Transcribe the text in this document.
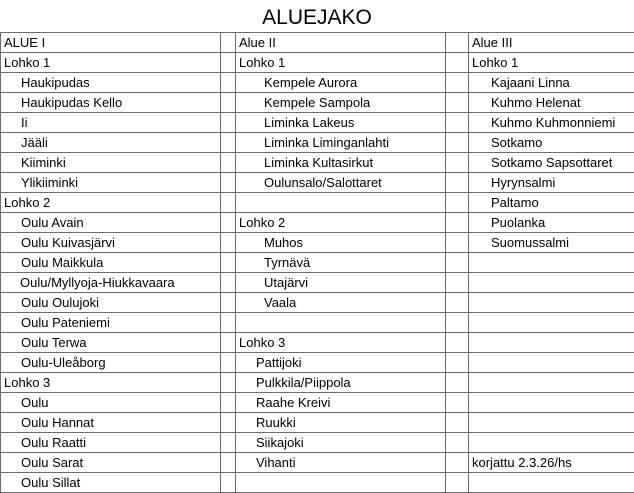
ALUEJAKO
ALUE I		Alue II		Alue III
Lohko 1		Lohko 1		Lohko 1
Haukipudas		Kempele Aurora		Kajaani Linna
Haukipudas Kello		Kempele Sampola		Kuhmo Helenat
Ii		Liminka Lakeus		Kuhmo Kuhmonniemi
Jääli		Liminka Liminganlahti		Sotkamo
Kiiminki		Liminka Kultasirkut		Sotkamo Sapsottaret
Ylikiiminki		Oulunsalo/Salottaret		Hyrynsalmi
Lohko 2				Paltamo
Oulu Avain		Lohko 2		Puolanka
Oulu Kuivasjärvi		Muhos		Suomussalmi
Oulu Maikkula		Tyrnävä		
Oulu/Myllyoja-Hiukkavaara		Utajärvi		
Oulu Oulujoki		Vaala		
Oulu Pateniemi				
Oulu Terwa		Lohko 3		
Oulu-Uleåborg		Pattijoki		
Lohko 3		Pulkkila/Piippola		
Oulu		Raahe Kreivi		
Oulu Hannat		Ruukki		
Oulu Raatti		Siikajoki		
Oulu Sarat		Vihanti		korjattu 2.3.26/hs
Oulu Sillat				
